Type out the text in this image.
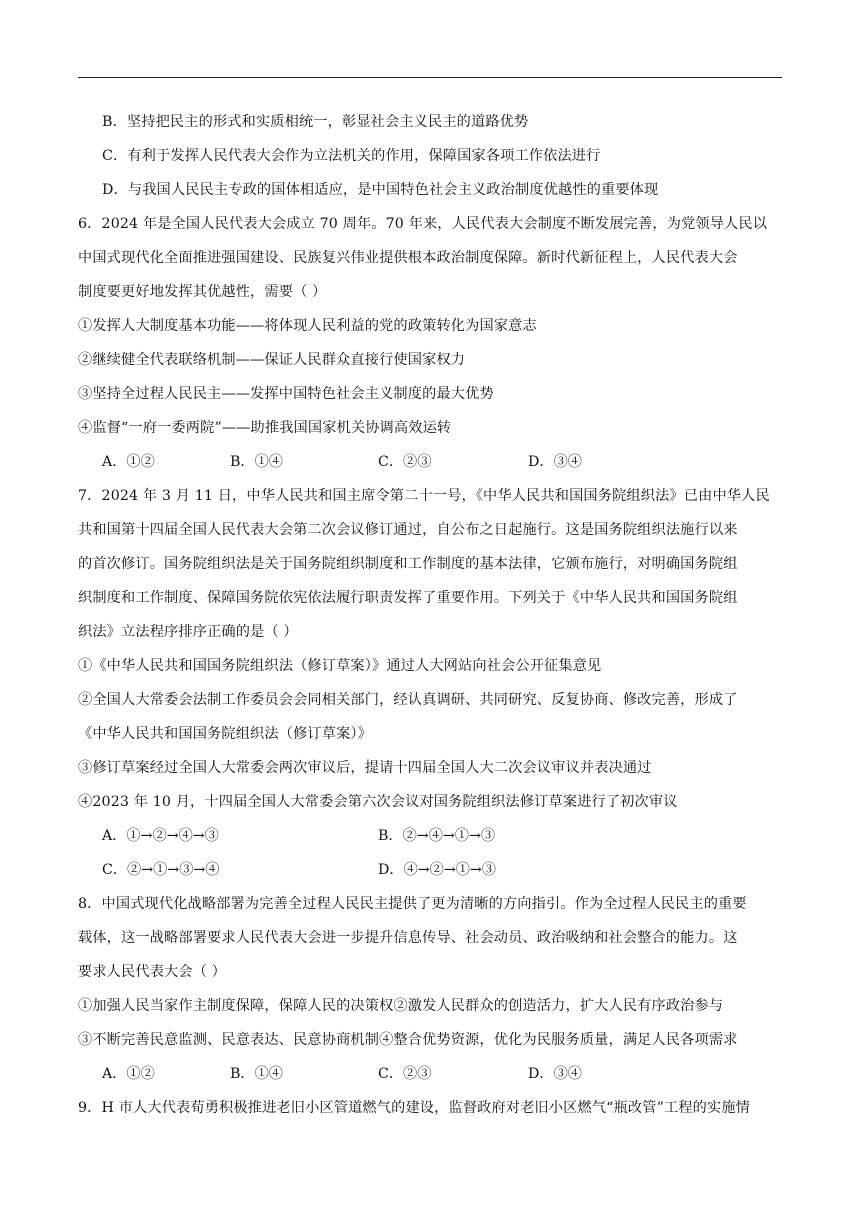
B．坚持把民主的形式和实质相统一，彰显社会主义民主的道路优势
C．有利于发挥人民代表大会作为立法机关的作用，保障国家各项工作依法进行
D．与我国人民民主专政的国体相适应，是中国特色社会主义政治制度优越性的重要体现
6．2024 年是全国人民代表大会成立 70 周年。70 年来，人民代表大会制度不断发展完善，为党领导人民以
中国式现代化全面推进强国建设、民族复兴伟业提供根本政治制度保障。新时代新征程上，人民代表大会
制度要更好地发挥其优越性，需要（ ）
①发挥人大制度基本功能——将体现人民利益的党的政策转化为国家意志
②继续健全代表联络机制——保证人民群众直接行使国家权力
③坚持全过程人民民主——发挥中国特色社会主义制度的最大优势
④监督“一府一委两院”——助推我国国家机关协调高效运转
A．①②	B．①④	C．②③	D．③④
7．2024 年 3 月 11 日，中华人民共和国主席令第二十一号，《中华人民共和国国务院组织法》已由中华人民
共和国第十四届全国人民代表大会第二次会议修订通过，自公布之日起施行。这是国务院组织法施行以来
的首次修订。国务院组织法是关于国务院组织制度和工作制度的基本法律，它颁布施行，对明确国务院组
织制度和工作制度、保障国务院依宪依法履行职责发挥了重要作用。下列关于《中华人民共和国国务院组
织法》立法程序排序正确的是（ ）
①《中华人民共和国国务院组织法（修订草案）》通过人大网站向社会公开征集意见
②全国人大常委会法制工作委员会会同相关部门，经认真调研、共同研究、反复协商、修改完善，形成了
《中华人民共和国国务院组织法（修订草案）》
③修订草案经过全国人大常委会两次审议后，提请十四届全国人大二次会议审议并表决通过
④2023 年 10 月，十四届全国人大常委会第六次会议对国务院组织法修订草案进行了初次审议
A．①→②→④→③	B．②→④→①→③
C．②→①→③→④	D．④→②→①→③
8．中国式现代化战略部署为完善全过程人民民主提供了更为清晰的方向指引。作为全过程人民民主的重要
载体，这一战略部署要求人民代表大会进一步提升信息传导、社会动员、政治吸纳和社会整合的能力。这
要求人民代表大会（ ）
①加强人民当家作主制度保障，保障人民的决策权②激发人民群众的创造活力，扩大人民有序政治参与
③不断完善民意监测、民意表达、民意协商机制④整合优势资源，优化为民服务质量，满足人民各项需求
A．①②	B．①④	C．②③	D．③④
9．H 市人大代表荀勇积极推进老旧小区管道燃气的建设，监督政府对老旧小区燃气“瓶改管”工程的实施情
